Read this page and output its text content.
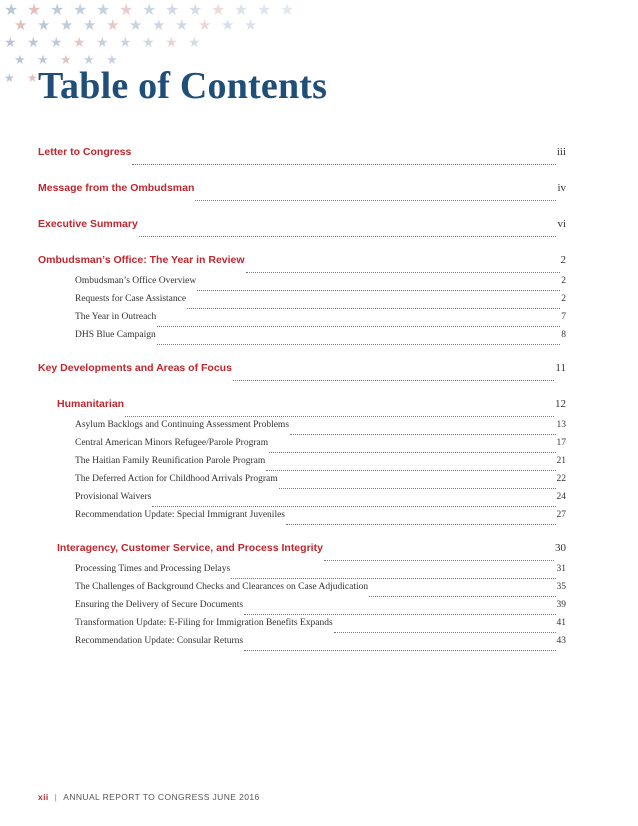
★ ★ ★ ★ ★ ★ ★ ★ ★ ★ ★ ★ ★
★ ★ ★ ★ ★ ★ ★ ★ ★ ★ ★
★ ★ ★ ★ ★ ★ ★ ★ ★
★ ★ ★ ★ ★
★ ★ Table of Contents
Letter to Congress	iii
Message from the Ombudsman	iv
Executive Summary	vi
Ombudsman’s Office: The Year in Review	2
Ombudsman’s Office Overview	2
Requests for Case Assistance	2
The Year in Outreach	7
DHS Blue Campaign	8
Key Developments and Areas of Focus	11
Humanitarian	12
Asylum Backlogs and Continuing Assessment Problems	13
Central American Minors Refugee/Parole Program	17
The Haitian Family Reunification Parole Program	21
The Deferred Action for Childhood Arrivals Program	22
Provisional Waivers	24
Recommendation Update: Special Immigrant Juveniles	27
Interagency, Customer Service, and Process Integrity	30
Processing Times and Processing Delays	31
The Challenges of Background Checks and Clearances on Case Adjudication	35
Ensuring the Delivery of Secure Documents	39
Transformation Update: E-Filing for Immigration Benefits Expands	41
Recommendation Update: Consular Returns	43
xii | ANNUAL REPORT TO CONGRESS JUNE 2016
